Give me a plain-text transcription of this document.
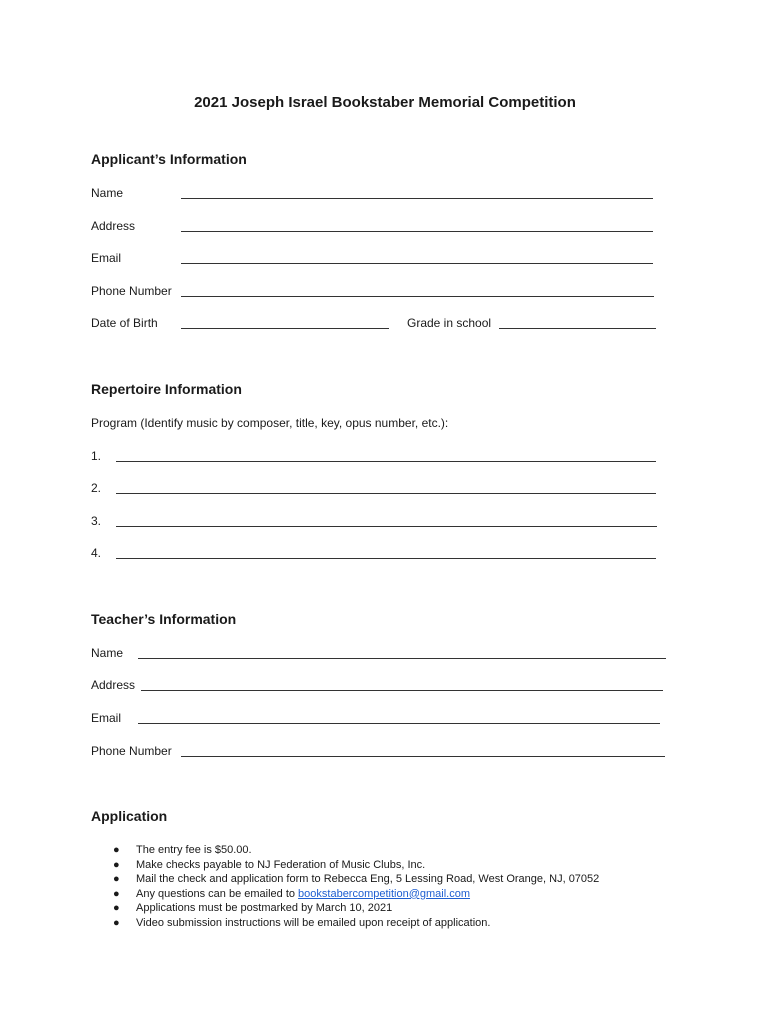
2021 Joseph Israel Bookstaber Memorial Competition
Applicant’s Information
Name
Address
Email
Phone Number
Date of Birth	Grade in school
Repertoire Information
Program (Identify music by composer, title, key, opus number, etc.):
1.
2.
3.
4.
Teacher’s Information
Name
Address
Email
Phone Number
Application
● The entry fee is $50.00.
● Make checks payable to NJ Federation of Music Clubs, Inc.
● Mail the check and application form to Rebecca Eng, 5 Lessing Road, West Orange, NJ, 07052
● Any questions can be emailed to bookstabercompetition@gmail.com
● Applications must be postmarked by March 10, 2021
● Video submission instructions will be emailed upon receipt of application.
